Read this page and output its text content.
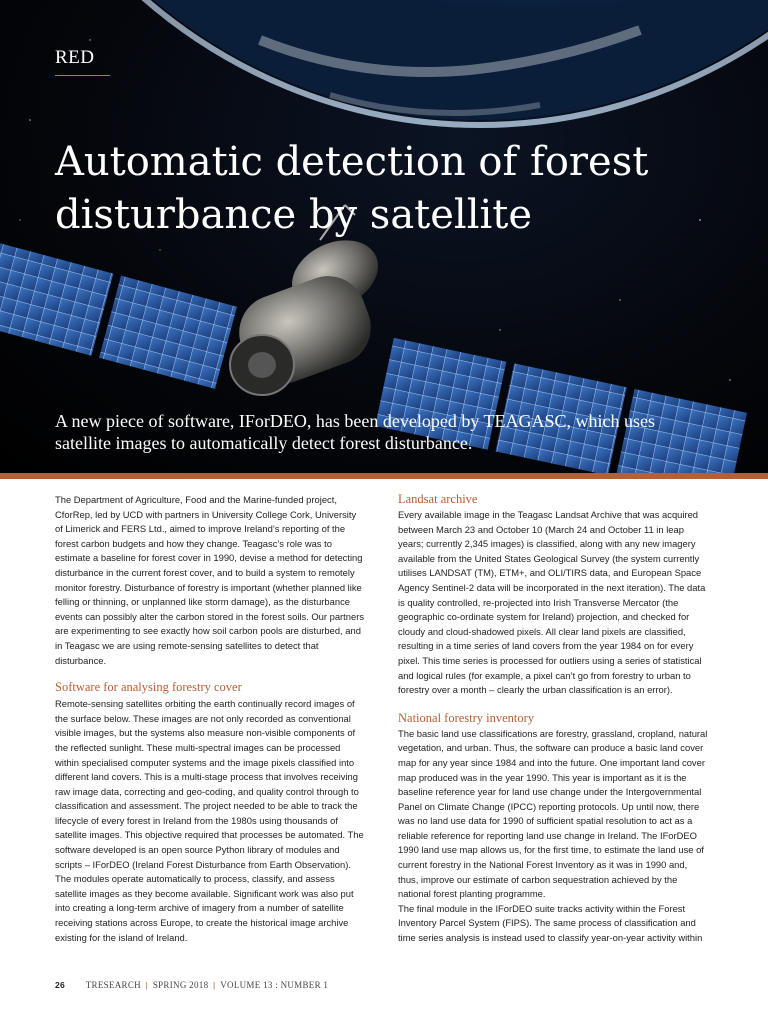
RED
Automatic detection of forest disturbance by satellite

A new piece of software, IForDEO, has been developed by TEAGASC, which uses satellite images to automatically detect forest disturbance.

The Department of Agriculture, Food and the Marine-funded project, CforRep, led by UCD with partners in University College Cork, University of Limerick and FERS Ltd., aimed to improve Ireland’s reporting of the forest carbon budgets and how they change. Teagasc’s role was to estimate a baseline for forest cover in 1990, devise a method for detecting disturbance in the current forest cover, and to build a system to remotely monitor forestry. Disturbance of forestry is important (whether planned like felling or thinning, or unplanned like storm damage), as the disturbance events can possibly alter the carbon stored in the forest soils. Our partners are experimenting to see exactly how soil carbon pools are disturbed, and in Teagasc we are using remote-sensing satellites to detect that disturbance.

Software for analysing forestry cover

Remote-sensing satellites orbiting the earth continually record images of the surface below. These images are not only recorded as conventional visible images, but the systems also measure non-visible components of the reflected sunlight. These multi-spectral images can be processed within specialised computer systems and the image pixels classified into different land covers. This is a multi-stage process that involves receiving raw image data, correcting and geo-coding, and quality control through to classification and assessment. The project needed to be able to track the lifecycle of every forest in Ireland from the 1980s using thousands of satellite images. This objective required that processes be automated. The software developed is an open source Python library of modules and scripts – IForDEO (Ireland Forest Disturbance from Earth Observation). The modules operate automatically to process, classify, and assess satellite images as they become available. Significant work was also put into creating a long-term archive of imagery from a number of satellite receiving stations across Europe, to create the historical image archive existing for the island of Ireland.

Landsat archive

Every available image in the Teagasc Landsat Archive that was acquired between March 23 and October 10 (March 24 and October 11 in leap years; currently 2,345 images) is classified, along with any new imagery available from the United States Geological Survey (the system currently utilises LANDSAT (TM), ETM+, and OLI/TIRS data, and European Space Agency Sentinel-2 data will be incorporated in the next iteration). The data is quality controlled, re-projected into Irish Transverse Mercator (the geographic co-ordinate system for Ireland) projection, and checked for cloudy and cloud-shadowed pixels. All clear land pixels are classified, resulting in a time series of land covers from the year 1984 on for every pixel. This time series is processed for outliers using a series of statistical and logical rules (for example, a pixel can’t go from forestry to urban to forestry over a month – clearly the urban classification is an error).

National forestry inventory

The basic land use classifications are forestry, grassland, cropland, natural vegetation, and urban. Thus, the software can produce a basic land cover map for any year since 1984 and into the future. One important land cover map produced was in the year 1990. This year is important as it is the baseline reference year for land use change under the Intergovernmental Panel on Climate Change (IPCC) reporting protocols. Up until now, there was no land use data for 1990 of sufficient spatial resolution to act as a reliable reference for reporting land use change in Ireland. The IForDEO 1990 land use map allows us, for the first time, to estimate the land use of current forestry in the National Forest Inventory as it was in 1990 and, thus, improve our estimate of carbon sequestration achieved by the national forest planting programme.

The final module in the IForDEO suite tracks activity within the Forest Inventory Parcel System (FIPS). The same process of classification and time series analysis is instead used to classify year-on-year activity within

26 TRESEARCH | SPRING 2018 | VOLUME 13 : NUMBER 1
